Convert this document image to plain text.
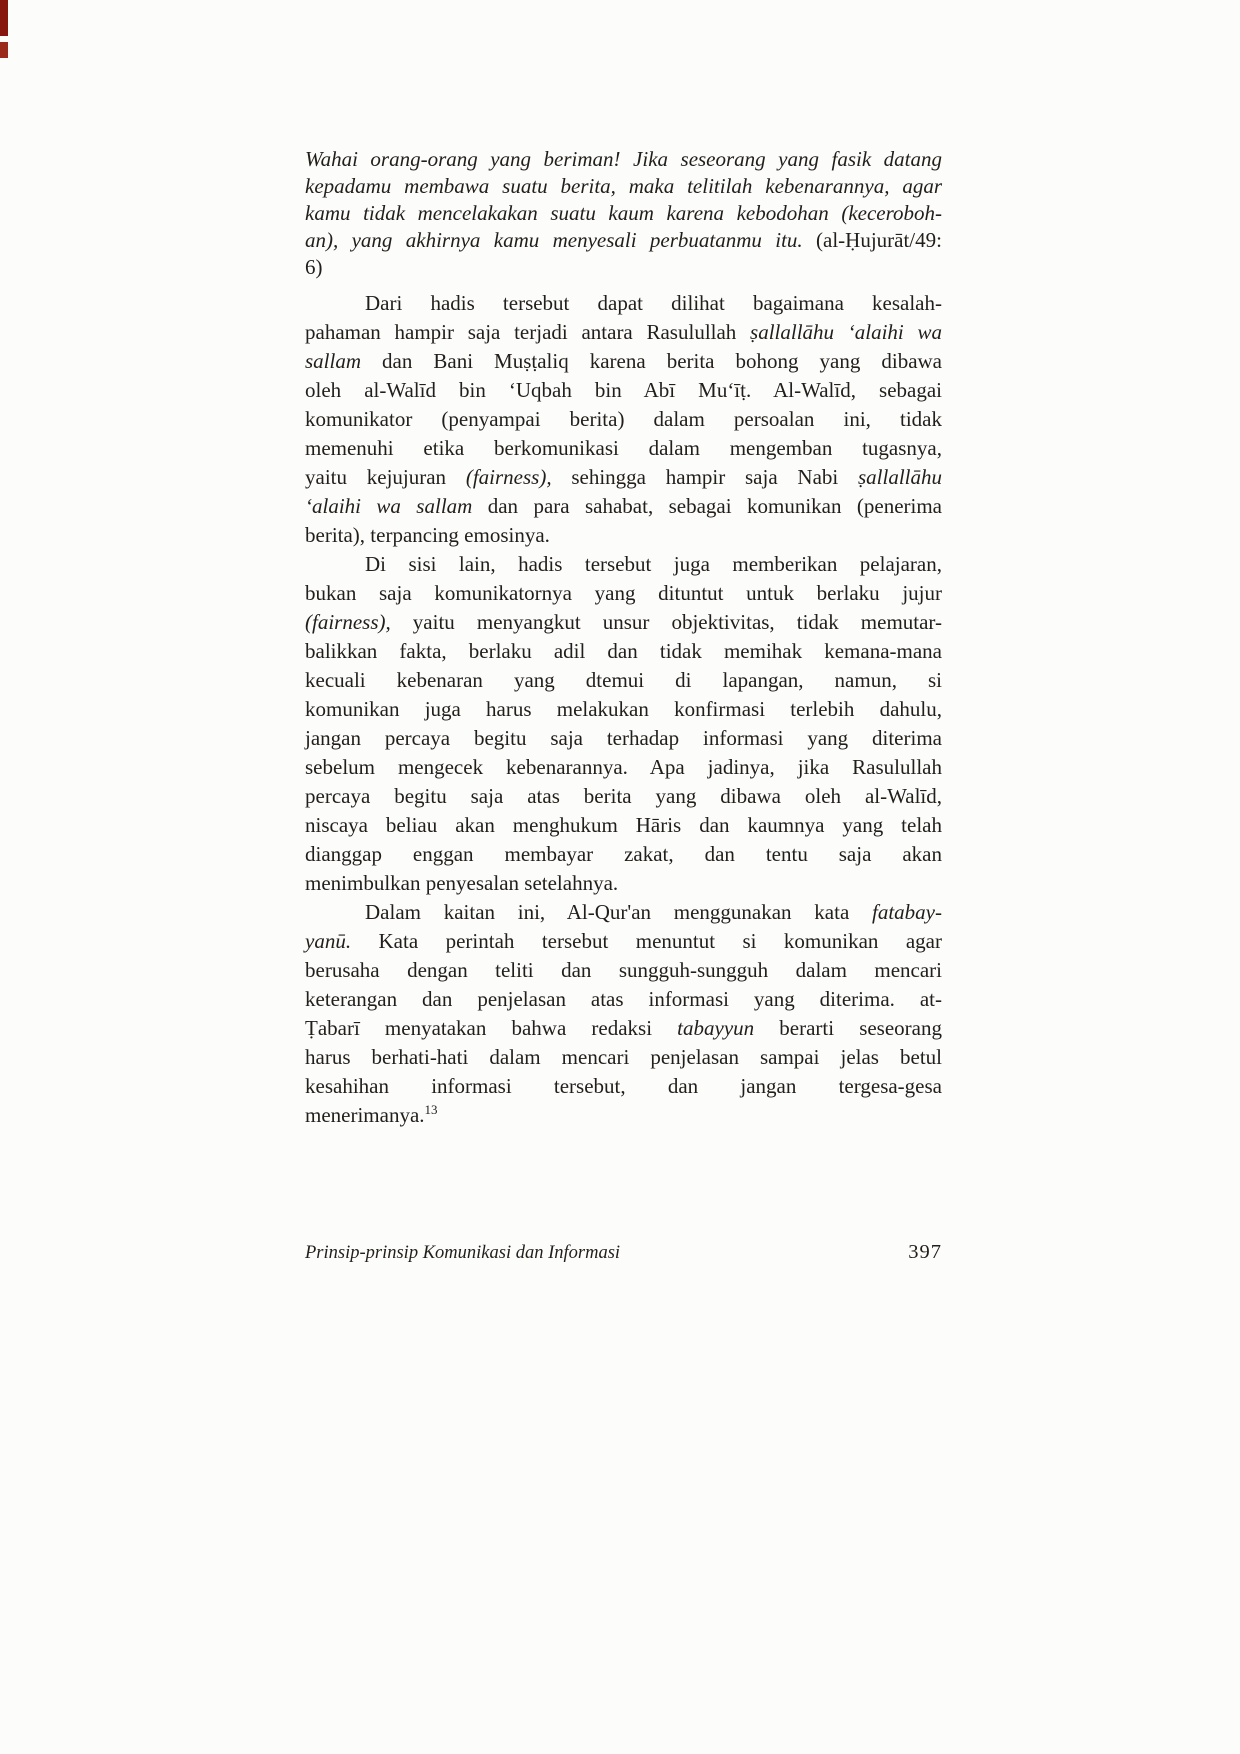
Wahai orang-orang yang beriman! Jika seseorang yang fasik datang
kepadamu membawa suatu berita, maka telitilah kebenarannya, agar
kamu tidak mencelakakan suatu kaum karena kebodohan (keceroboh-
an), yang akhirnya kamu menyesali perbuatanmu itu. (al-Ḥujurāt/49:
6)
Dari hadis tersebut dapat dilihat bagaimana kesalah-
pahaman hampir saja terjadi antara Rasulullah ṣallallāhu ‘alaihi wa
sallam dan Bani Muṣṭaliq karena berita bohong yang dibawa
oleh al-Walīd bin ‘Uqbah bin Abī Mu‘īṭ. Al-Walīd, sebagai
komunikator (penyampai berita) dalam persoalan ini, tidak
memenuhi etika berkomunikasi dalam mengemban tugasnya,
yaitu kejujuran (fairness), sehingga hampir saja Nabi ṣallallāhu
‘alaihi wa sallam dan para sahabat, sebagai komunikan (penerima
berita), terpancing emosinya.
Di sisi lain, hadis tersebut juga memberikan pelajaran,
bukan saja komunikatornya yang dituntut untuk berlaku jujur
(fairness), yaitu menyangkut unsur objektivitas, tidak memutar-
balikkan fakta, berlaku adil dan tidak memihak kemana-mana
kecuali kebenaran yang dtemui di lapangan, namun, si
komunikan juga harus melakukan konfirmasi terlebih dahulu,
jangan percaya begitu saja terhadap informasi yang diterima
sebelum mengecek kebenarannya. Apa jadinya, jika Rasulullah
percaya begitu saja atas berita yang dibawa oleh al-Walīd,
niscaya beliau akan menghukum Hāris dan kaumnya yang telah
dianggap enggan membayar zakat, dan tentu saja akan
menimbulkan penyesalan setelahnya.
Dalam kaitan ini, Al-Qur'an menggunakan kata fatabay-
yanū. Kata perintah tersebut menuntut si komunikan agar
berusaha dengan teliti dan sungguh-sungguh dalam mencari
keterangan dan penjelasan atas informasi yang diterima. at-
Ṭabarī menyatakan bahwa redaksi tabayyun berarti seseorang
harus berhati-hati dalam mencari penjelasan sampai jelas betul
kesahihan informasi tersebut, dan jangan tergesa-gesa
menerimanya.$^{13}$
Prinsip-prinsip Komunikasi dan Informasi	397
